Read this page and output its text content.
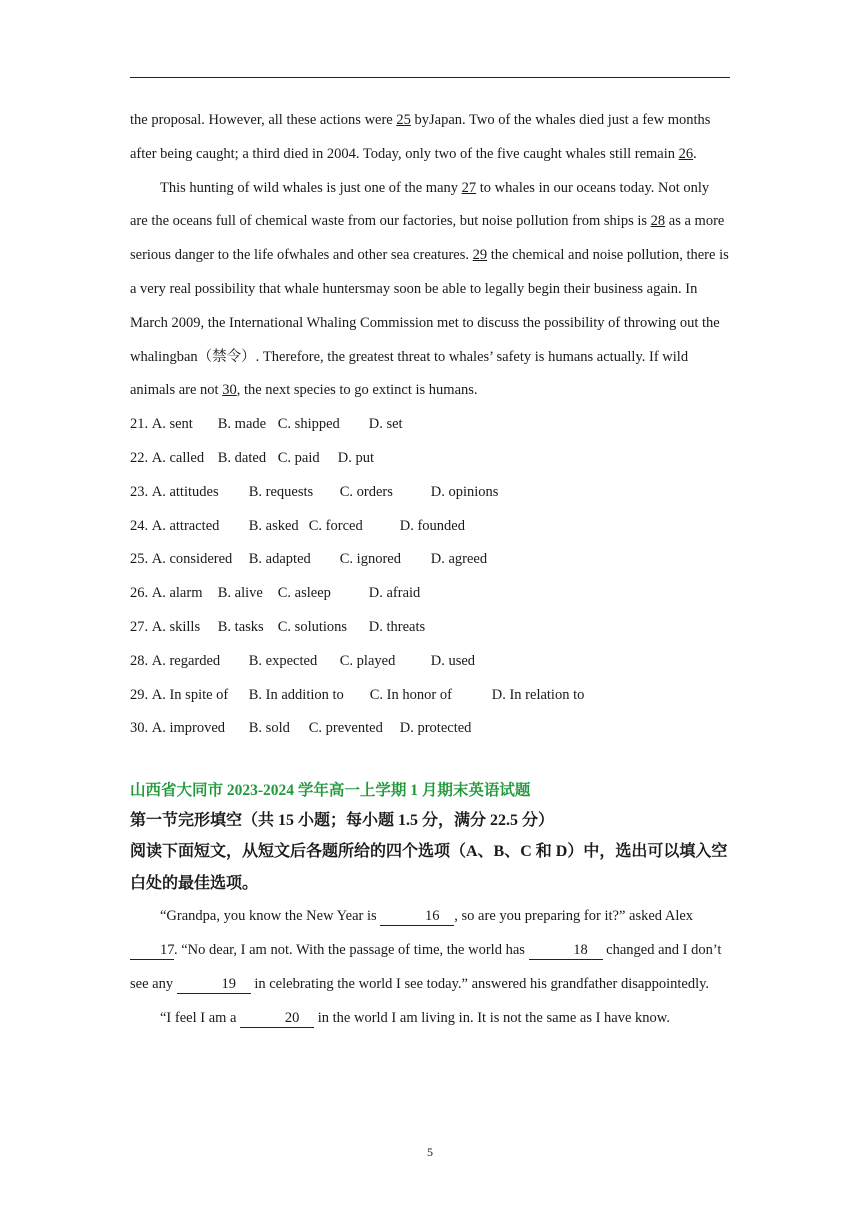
the proposal. However, all these actions were 25 byJapan. Two of the whales died just a few months after being caught; a third died in 2004. Today, only two of the five caught whales still remain 26.

This hunting of wild whales is just one of the many 27 to whales in our oceans today. Not only are the oceans full of chemical waste from our factories, but noise pollution from ships is 28 as a more serious danger to the life ofwhales and other sea creatures. 29 the chemical and noise pollution, there is a very real possibility that whale huntersmay soon be able to legally begin their business again. In March 2009, the International Whaling Commission met to discuss the possibility of throwing out the whalingban（禁令）. Therefore, the greatest threat to whales’ safety is humans actually. If wild animals are not 30, the next species to go extinct is humans.

21. A. sent B. made C. shipped D. set
22. A. called B. dated C. paid D. put
23. A. attitudes B. requests C. orders	D. opinions
24. A. attracted B. asked C. forced	D. founded
25. A. considered B. adapted C. ignored D. agreed
26. A. alarm B. alive C. asleep	D. afraid
27. A. skills B. tasks C. solutions D. threats
28. A. regarded B. expected C. played D. used
29. A. In spite of B. In addition to C. In honor of	D. In relation to
30. A. improved B. sold C. prevented D. protected
山西省大同市 2023-2024 学年高一上学期 1 月期末英语试题

第一节完形填空（共 15 小题；每小题 1.5 分，满分 22.5 分）

阅读下面短文，从短文后各题所给的四个选项（A、B、C 和 D）中，选出可以填入空白处的最佳选项。

“Grandpa, you know the New Year is	16 , so are you preparing for it?” asked Alex 17. “No dear, I am not. With the passage of time, the world has	18 changed and I don’t see any	19 in celebrating the world I see today.” answered his grandfather disappointedly.

“I feel I am a	20 in the world I am living in. It is not the same as I have know.

5
